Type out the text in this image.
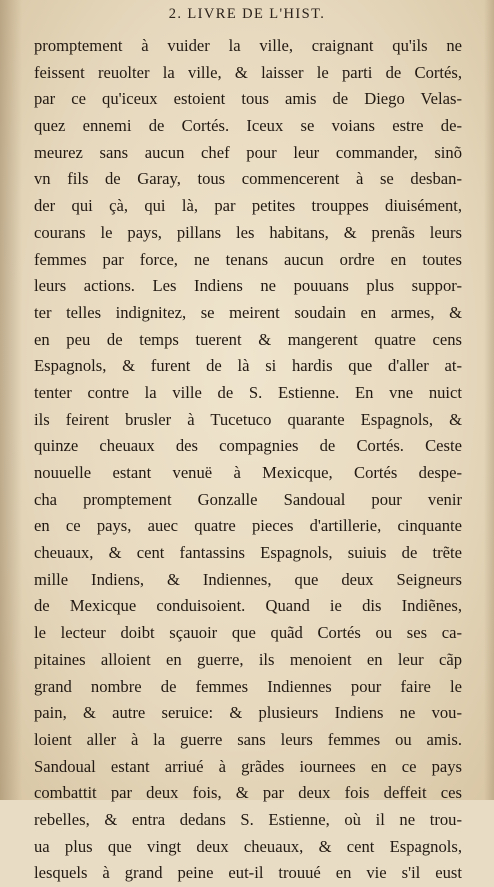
2. LIVRE DE L'HIST.
promptement à vuider la ville, craignant qu'ils ne
feissent reuolter la ville, & laisser le parti de Cortés,
par ce qu'iceux estoient tous amis de Diego Velas-
quez ennemi de Cortés. Iceux se voians estre de-
meurez sans aucun chef pour leur commander, sinõ
vn fils de Garay, tous commencerent à se desban-
der qui çà, qui là, par petites trouppes diuisément,
courans le pays, pillans les habitans, & prenãs leurs
femmes par force, ne tenans aucun ordre en toutes
leurs actions. Les Indiens ne pouuans plus suppor-
ter telles indignitez, se meirent soudain en armes, &
en peu de temps tuerent & mangerent quatre cens
Espagnols, & furent de là si hardis que d'aller at-
tenter contre la ville de S. Estienne. En vne nuict
ils feirent brusler à Tucetuco quarante Espagnols, &
quinze cheuaux des compagnies de Cortés. Ceste
nouuelle estant venuë à Mexicque, Cortés despe-
cha promptement Gonzalle Sandoual pour venir
en ce pays, auec quatre pieces d'artillerie, cinquante
cheuaux, & cent fantassins Espagnols, suiuis de trẽte
mille Indiens, & Indiennes, que deux Seigneurs
de Mexicque conduisoient. Quand ie dis Indiẽnes,
le lecteur doibt sçauoir que quãd Cortés ou ses ca-
pitaines alloient en guerre, ils menoient en leur cãp
grand nombre de femmes Indiennes pour faire le
pain, & autre seruice: & plusieurs Indiens ne vou-
loient aller à la guerre sans leurs femmes ou amis.
Sandoual estant arriué à grãdes iournees en ce pays
combattit par deux fois, & par deux fois deffeit ces
rebelles, & entra dedans S. Estienne, où il ne trou-
ua plus que vingt deux cheuaux, & cent Espagnols,
lesquels à grand peine eut-il trouué en vie s'il eust
